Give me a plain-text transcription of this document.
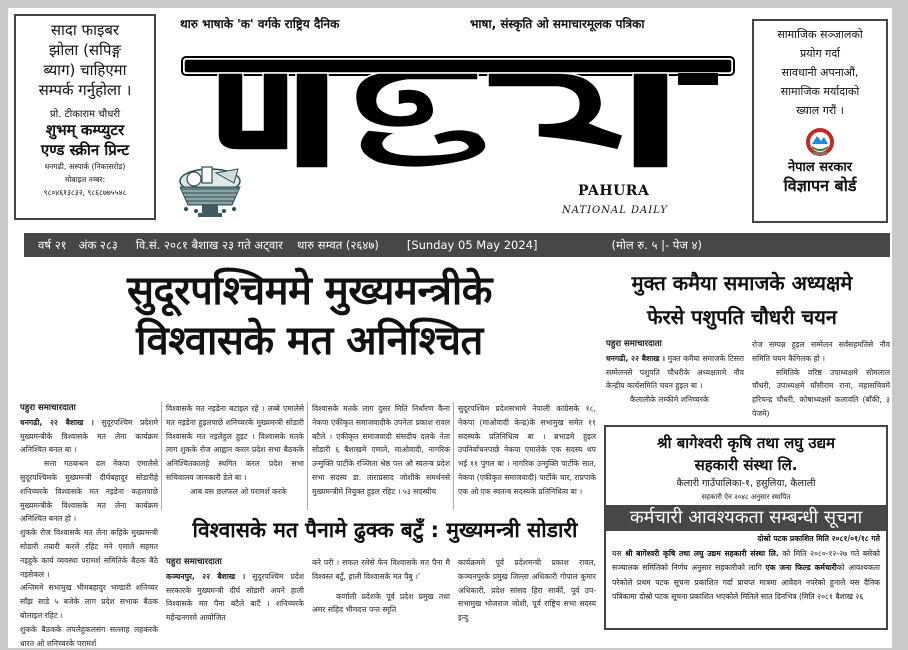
सादा फाइबर
झोला (सपिङ्ग
ब्याग) चाहिएमा
सम्पर्क गर्नुहोला ।
प्रो. टीकाराम चौधरी
शुभम् कम्प्युटर
एण्ड स्क्रीन प्रिन्ट
धनगढी, अस्पार्क (निकासरोड)
मोबाइल नम्बर:
९८०४६१३८३२, ९८६८७७५५४८
थारु भाषाके 'क' वर्गके राष्ट्रिय दैनिक	भाषा, संस्कृति ओ समाचारमूलक पत्रिका
PAHURA
NATIONAL DAILY
सामाजिक सञ्जालको
प्रयोग गर्दा
सावधानी अपनाऔं,
सामाजिक मर्यादाको
ख्याल गरौं ।
नेपाल सरकार
विज्ञापन बोर्ड
वर्ष २१ अंक २८३ वि.सं. २०८१ बैशाख २३ गते अट्वार थारु सम्वत (२६४७) [Sunday 05 May 2024]	(मोल रु. ५ |- पेज ४)
सुदूरपश्चिममे मुख्यमन्त्रीके
विश्वासके मत अनिश्चित
मुक्त कमैया समाजके अध्यक्षमे
फेरसे पशुपति चौधरी चयन

पहुरा समाचारदाता

धनगढी, २२ बैशाख । सुदूरपश्चिम प्रदेशमे मुख्यमन्त्रीके विश्वासके मत लेना कार्यक्रम अनिश्चित बनल बा ।

सत्ता गठबन्धन दल नेकपा एमालेसे सुदूरपश्चिमके मुख्यमन्त्री दीर्घबहादुर सोडारीहे शनिच्चरके विश्वासके मत नइडेना कहलपाछे मुख्यमन्त्रीके विश्वासके मत लेना कार्यक्रम अनिश्चित बनल हो ।

शुकके रोज विश्वासके मत लेना कहिके मुख्यमन्त्री सोडारी तयारी करले रहिट मने एमाले सहमत नइहुके कार्य व्यवस्था परामर्श समितिके बैठक बैठे नइसेकल ।

अन्तिममे सभामुख भीमबहादुर भण्डारी शनिच्चर साँझ साडे ५ बजेके लाग प्रदेश सभाक बैठक बोलाइल रहिट ।

शुकके बैठकके लपलेहुकलसंग सल्लाह लहकरके धारत ओ शनिच्चरके परामर्श

विश्वासके मत नइडेना बटाइल रहे । लब्बे एमालेसे मत नइडेना हुइलपाछे शनिच्चरके मुख्यमन्त्री सोडारी विश्वासके मत नइलेहुल हुइट । विश्वासके मतके लाग शुकके रोज आह्वान करल प्रदेश सभा बैठकके अनिश्चितकालहे स्थगित करल प्रदेश सभा सचिवालय जानकारी डेले बा ।

आब यस छलफल ओ परामर्श करके

विश्वासके मतके लाग दुसर मिति निर्धारण कैना नेकपा एकीकृत समाजवादीके उपनेता प्रकाश रावल बटैले । एकीकृत समाजवादी संसदीय दलके नेता सोडारी ६ बैशाखमे एमाले, माओवादी, नागरिक उन्मुक्ति पार्टीके रञ्जिता श्रेष्ठ पत्त ओ स्वतन्त्र प्रदेश सभा सदस्य डा. ताराप्रसाद जोशीके समर्थनसे मुख्यमन्त्रीमे नियुक्त हुइल रहिट । ५३ सदस्यीय

सुदूरपश्चिम प्रदेशसभामे नेपाली कांग्रेसके १८, नेकपा (माओवादी केन्द्र)के सभामुख समेत ११ सदस्यके प्रतिनिधित्व बा । ब्रभाडमे हुइल उपनिर्वाचनपाछे नेकपा एमालेके एक सदस्य थप भई ११ पुगल बा । नागरिक उन्मुक्ति पार्टीके सात, नेकपा (एकीकृत समाजवादी) पार्टीके चार, राप्रपाके एक ओ एक स्वतन्त्र सदस्यके प्रतिनिधित्व बा ।

विश्वासके मत पैनामे ढुक्क बटुँ : मुख्यमन्त्री सोडारी

पहुरा समाचारदाता

कञ्चनपुर, २२ बैशाख । सुदूरपश्चिम प्रदेश सरकारके मुख्यमन्त्री दीर्घ सोडारी अपने हाली विश्वासके मत पैना बटैले बाटैं । शनिच्चरके महेन्द्रनगरमे आयोजित

करे परी । सफल रलेसे फेन विश्वासके मत पैना मै विश्वस्त बटुँ, हाली विश्वासके मत पैबु ।'

कर्णाली प्रदेशके पूर्व प्रदेश प्रमुख तथा अमर सहिद भीमदत्त पन्त स्मृति

कार्यक्रममे पूर्व प्रदेशमन्त्री प्रकाश रावल, कञ्चनपुरके प्रमुख जिल्ला अधिकारी गोपाल कुमार अधिकारी, प्रदेश सांसद हिरा सार्की, पूर्व उप-सभामुख भोजराज जोशी, पूर्व राष्ट्रिय सभा सदस्य इन्दु

पहुरा समाचारदाता

धनगढी, २२ बैशाख । मुक्त कमैया समाजके टिसरा सम्मेलनसे पशुपति चौधरीके अध्यक्षतामे नौव केन्द्रीय कार्यसमिति चयन हुइल बा ।

कैलालीके लम्कीमे शनिच्चरके

रोज सम्पन्न हुइल सम्मेलन सर्वसहमतिसे नौव समिति चयन कैगिलक हो ।

समितिके वरिष्ठ उपाध्यक्षमे सोमलाल चौधरी, उपाध्यक्षमे घाँसीराम राना, महासचिवमे हरिचन्द्र चौधरी, कोषाध्यक्षमे कलावति (बाँकी, ३ पेजमे)

श्री बागेश्वरी कृषि तथा लघु उद्यम
सहकारी संस्था लि.
कैलारी गाउँपालिका-१, हसुलिया, कैलाली
सहकारी ऐन २०४८ अनुसार स्थापित
कर्मचारी आवश्यकता सम्बन्धी सूचना
दोस्रो पटक प्रकाशित मिति २०८१/०१/१८ गते
यस श्री बागेश्वरी कृषि तथा लघु उद्यम सहकारी संस्था लि. को मिति २०८०-१२-२७ गते बसेको सञ्चालक समितिको निर्णय अनुसार सहकारीको लागि एक जना फिल्ड कर्मचारीको आवश्यकता परेकोले प्रथम पटक सूचना प्रकाशित गर्दा प्रायप्त मात्रमा आवेदन नपरेको हुनाले यस दैनिक पत्रिकामा दोस्रो पटक सूचना प्रकाशित भएकोले मितिले सात दिनभित्र (मिति २०८१ बैशाख २६
